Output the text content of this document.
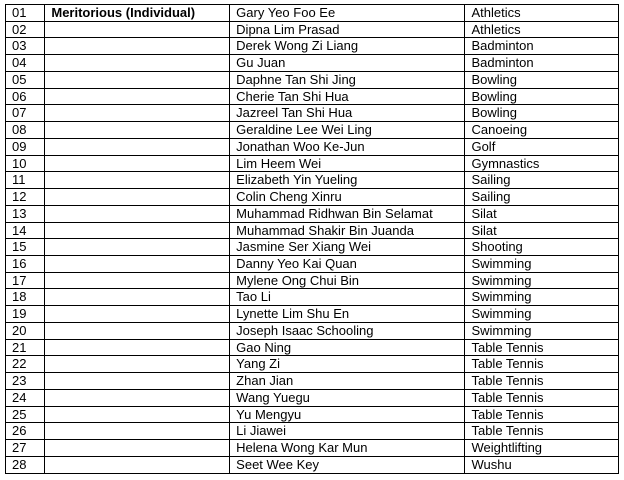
01	Meritorious (Individual)	Gary Yeo Foo Ee	Athletics
02		Dipna Lim Prasad	Athletics
03		Derek Wong Zi Liang	Badminton
04		Gu Juan	Badminton
05		Daphne Tan Shi Jing	Bowling
06		Cherie Tan Shi Hua	Bowling
07		Jazreel Tan Shi Hua	Bowling
08		Geraldine Lee Wei Ling	Canoeing
09		Jonathan Woo Ke-Jun	Golf
10		Lim Heem Wei	Gymnastics
11		Elizabeth Yin Yueling	Sailing
12		Colin Cheng Xinru	Sailing
13		Muhammad Ridhwan Bin Selamat	Silat
14		Muhammad Shakir Bin Juanda	Silat
15		Jasmine Ser Xiang Wei	Shooting
16		Danny Yeo Kai Quan	Swimming
17		Mylene Ong Chui Bin	Swimming
18		Tao Li	Swimming
19		Lynette Lim Shu En	Swimming
20		Joseph Isaac Schooling	Swimming
21		Gao Ning	Table Tennis
22		Yang Zi	Table Tennis
23		Zhan Jian	Table Tennis
24		Wang Yuegu	Table Tennis
25		Yu Mengyu	Table Tennis
26		Li Jiawei	Table Tennis
27		Helena Wong Kar Mun	Weightlifting
28		Seet Wee Key	Wushu
